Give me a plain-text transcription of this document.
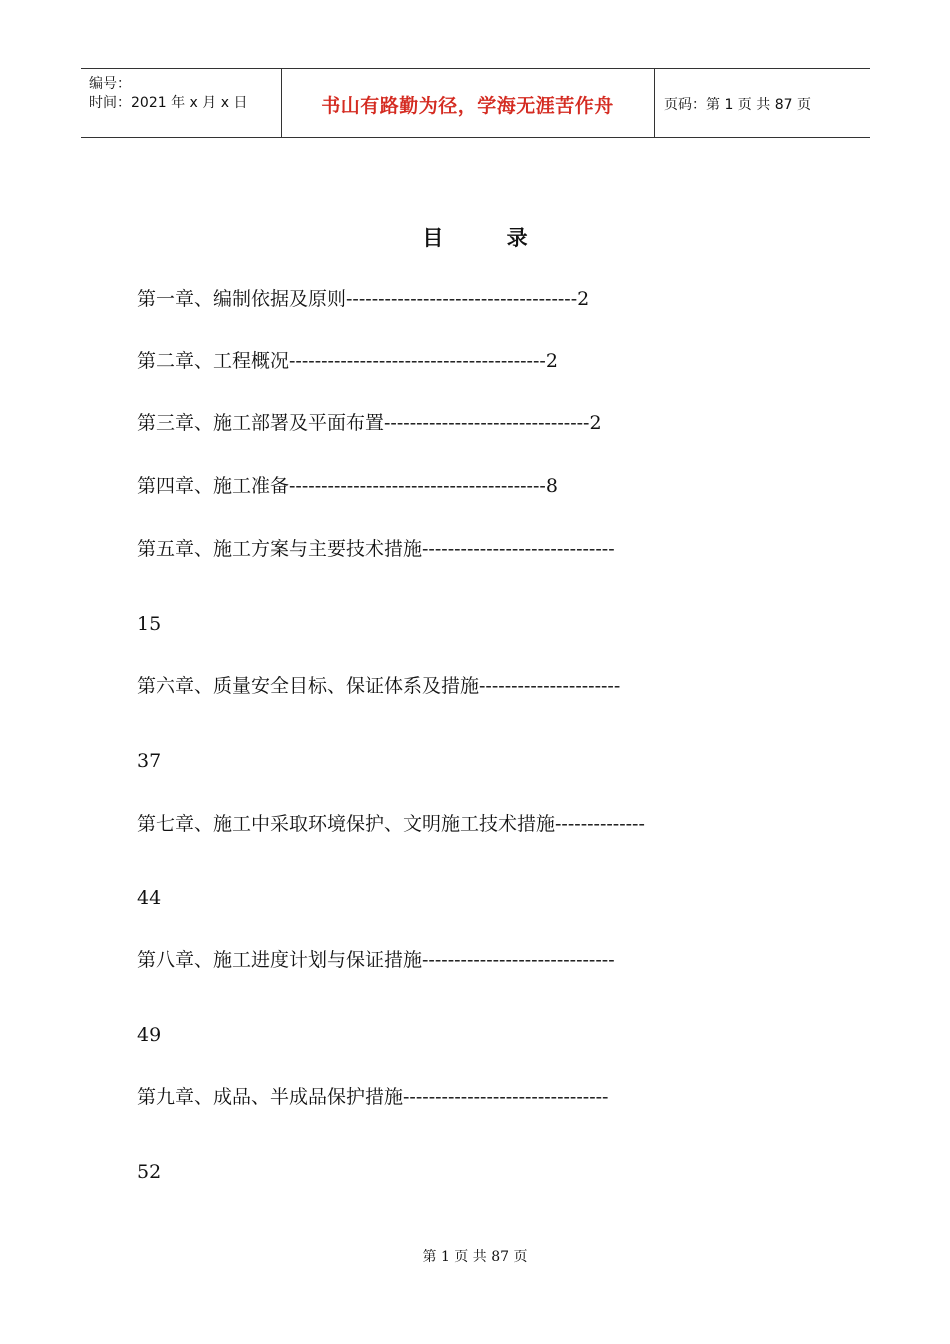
编号：
时间：2021 年 x 月 x 日	书山有路勤为径，学海无涯苦作舟	页码：第 1 页 共 87 页
目 录
第一章、编制依据及原则------------------------------------2
第二章、工程概况----------------------------------------2
第三章、施工部署及平面布置--------------------------------2
第四章、施工准备----------------------------------------8
第五章、施工方案与主要技术措施------------------------------
15
第六章、质量安全目标、保证体系及措施----------------------
37
第七章、施工中采取环境保护、文明施工技术措施--------------
44
第八章、施工进度计划与保证措施------------------------------
49
第九章、成品、半成品保护措施--------------------------------
52
第 1 页 共 87 页
